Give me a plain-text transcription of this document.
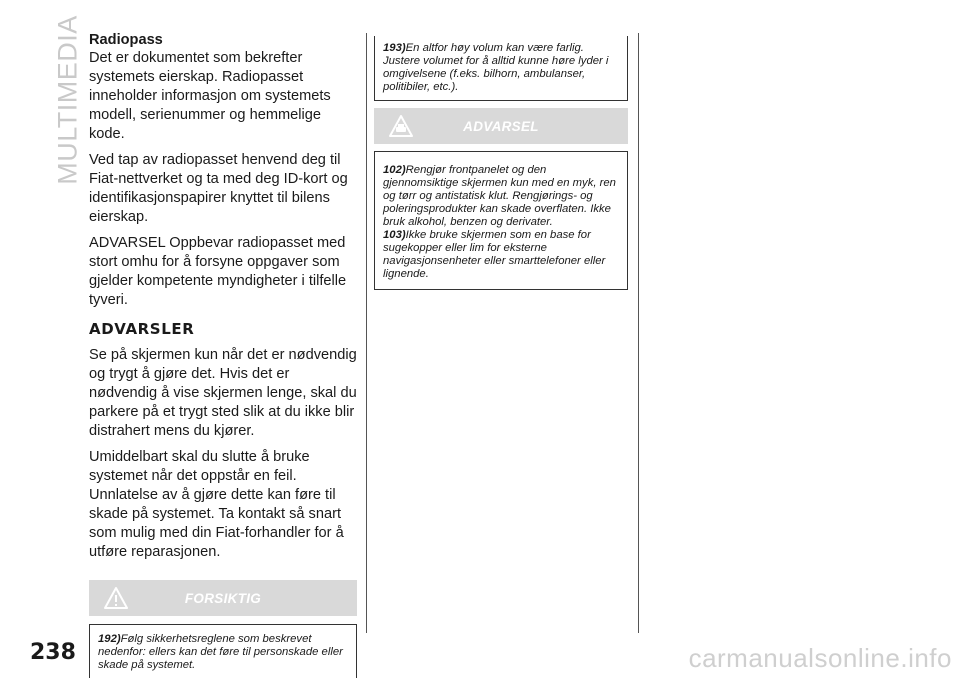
MULTIMEDIA Radiopass

Det er dokumentet som bekrefter systemets eierskap. Radiopasset inneholder informasjon om systemets modell, serienummer og hemmelige kode.

Ved tap av radiopasset henvend deg til Fiat-nettverket og ta med deg ID-kort og identifikasjonspapirer knyttet til bilens eierskap.

ADVARSEL Oppbevar radiopasset med stort omhu for å forsyne oppgaver som gjelder kompetente myndigheter i tilfelle tyveri.

ADVARSLER

Se på skjermen kun når det er nødvendig og trygt å gjøre det. Hvis det er nødvendig å vise skjermen lenge, skal du parkere på et trygt sted slik at du ikke blir distrahert mens du kjører.

Umiddelbart skal du slutte å bruke systemet når det oppstår en feil. Unnlatelse av å gjøre dette kan føre til skade på systemet. Ta kontakt så snart som mulig med din Fiat-forhandler for å utføre reparasjonen.

FORSIKTIG
192)Følg sikkerhetsreglene som beskrevet nedenfor: ellers kan det føre til personskade eller skade på systemet.
193)En altfor høy volum kan være farlig. Justere volumet for å alltid kunne høre lyder i omgivelsene (f.eks. bilhorn, ambulanser, politibiler, etc.).
ADVARSEL
102)Rengjør frontpanelet og den gjennomsiktige skjermen kun med en myk, ren og tørr og antistatisk klut. Rengjørings- og poleringsprodukter kan skade overflaten. Ikke bruk alkohol, benzen og derivater.
103)Ikke bruke skjermen som en base for sugekopper eller lim for eksterne navigasjonsenheter eller smarttelefoner eller lignende.
238	carmanualsonline.info
